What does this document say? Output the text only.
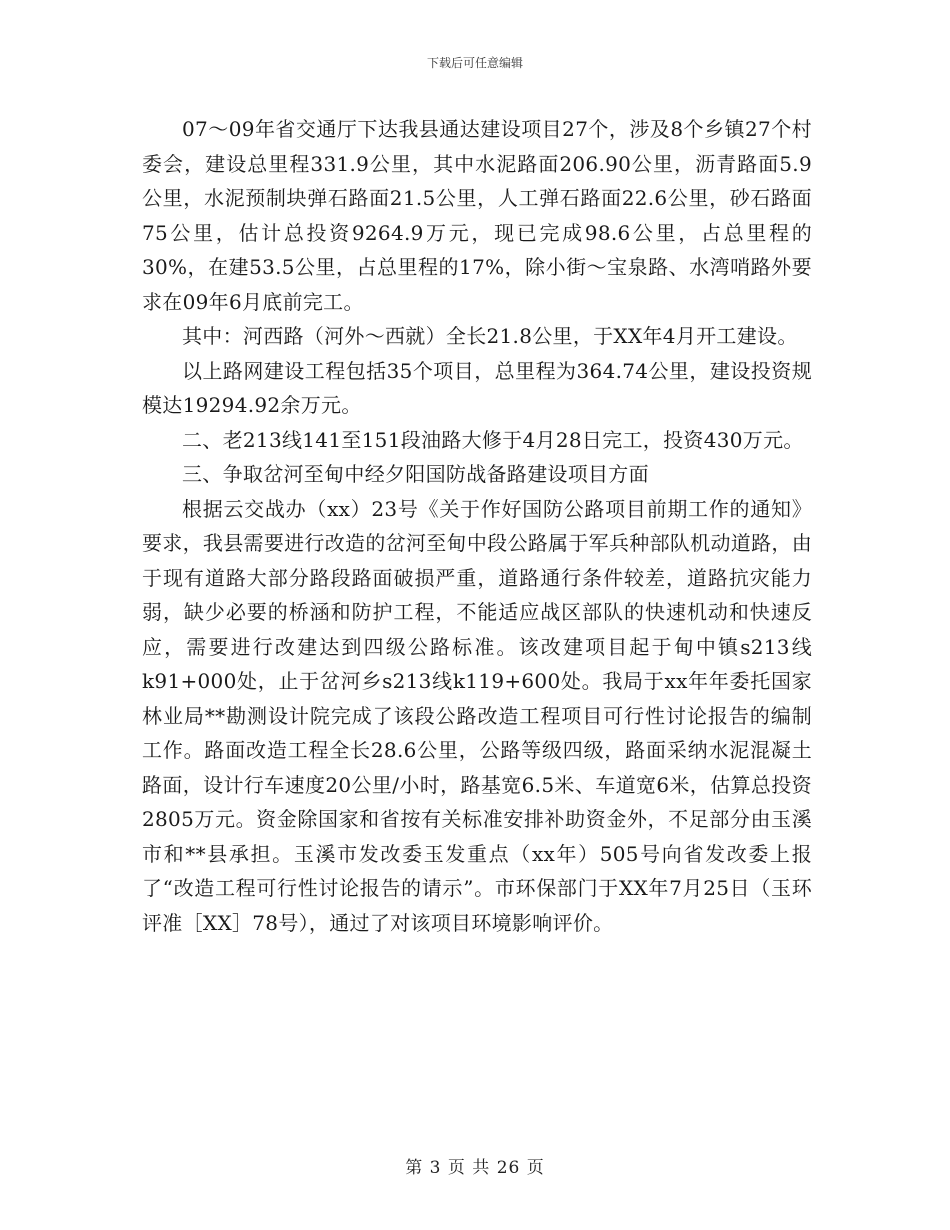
下载后可任意编辑

07～09年省交通厅下达我县通达建设项目27个，涉及8个乡镇27个村委会，建设总里程331.9公里，其中水泥路面206.90公里，沥青路面5.9公里，水泥预制块弹石路面21.5公里，人工弹石路面22.6公里，砂石路面75公里，估计总投资9264.9万元，现已完成98.6公里，占总里程的30%，在建53.5公里，占总里程的17%，除小街～宝泉路、水湾哨路外要求在09年6月底前完工。

其中：河西路（河外～西就）全长21.8公里，于XX年4月开工建设。

以上路网建设工程包括35个项目，总里程为364.74公里，建设投资规模达19294.92余万元。

二、老213线141至151段油路大修于4月28日完工，投资430万元。

三、争取岔河至甸中经夕阳国防战备路建设项目方面

根据云交战办（xx）23号《关于作好国防公路项目前期工作的通知》要求，我县需要进行改造的岔河至甸中段公路属于军兵种部队机动道路，由于现有道路大部分路段路面破损严重，道路通行条件较差，道路抗灾能力弱，缺少必要的桥涵和防护工程，不能适应战区部队的快速机动和快速反应，需要进行改建达到四级公路标准。该改建项目起于甸中镇s213线k91+000处，止于岔河乡s213线k119+600处。我局于xx年年委托国家林业局**勘测设计院完成了该段公路改造工程项目可行性讨论报告的编制工作。路面改造工程全长28.6公里，公路等级四级，路面采纳水泥混凝土路面，设计行车速度20公里/小时，路基宽6.5米、车道宽6米，估算总投资2805万元。资金除国家和省按有关标准安排补助资金外，不足部分由玉溪市和**县承担。玉溪市发改委玉发重点（xx年）505号向省发改委上报了“改造工程可行性讨论报告的请示”。市环保部门于XX年7月25日（玉环评准［XX］78号），通过了对该项目环境影响评价。

第 3 页 共 26 页
